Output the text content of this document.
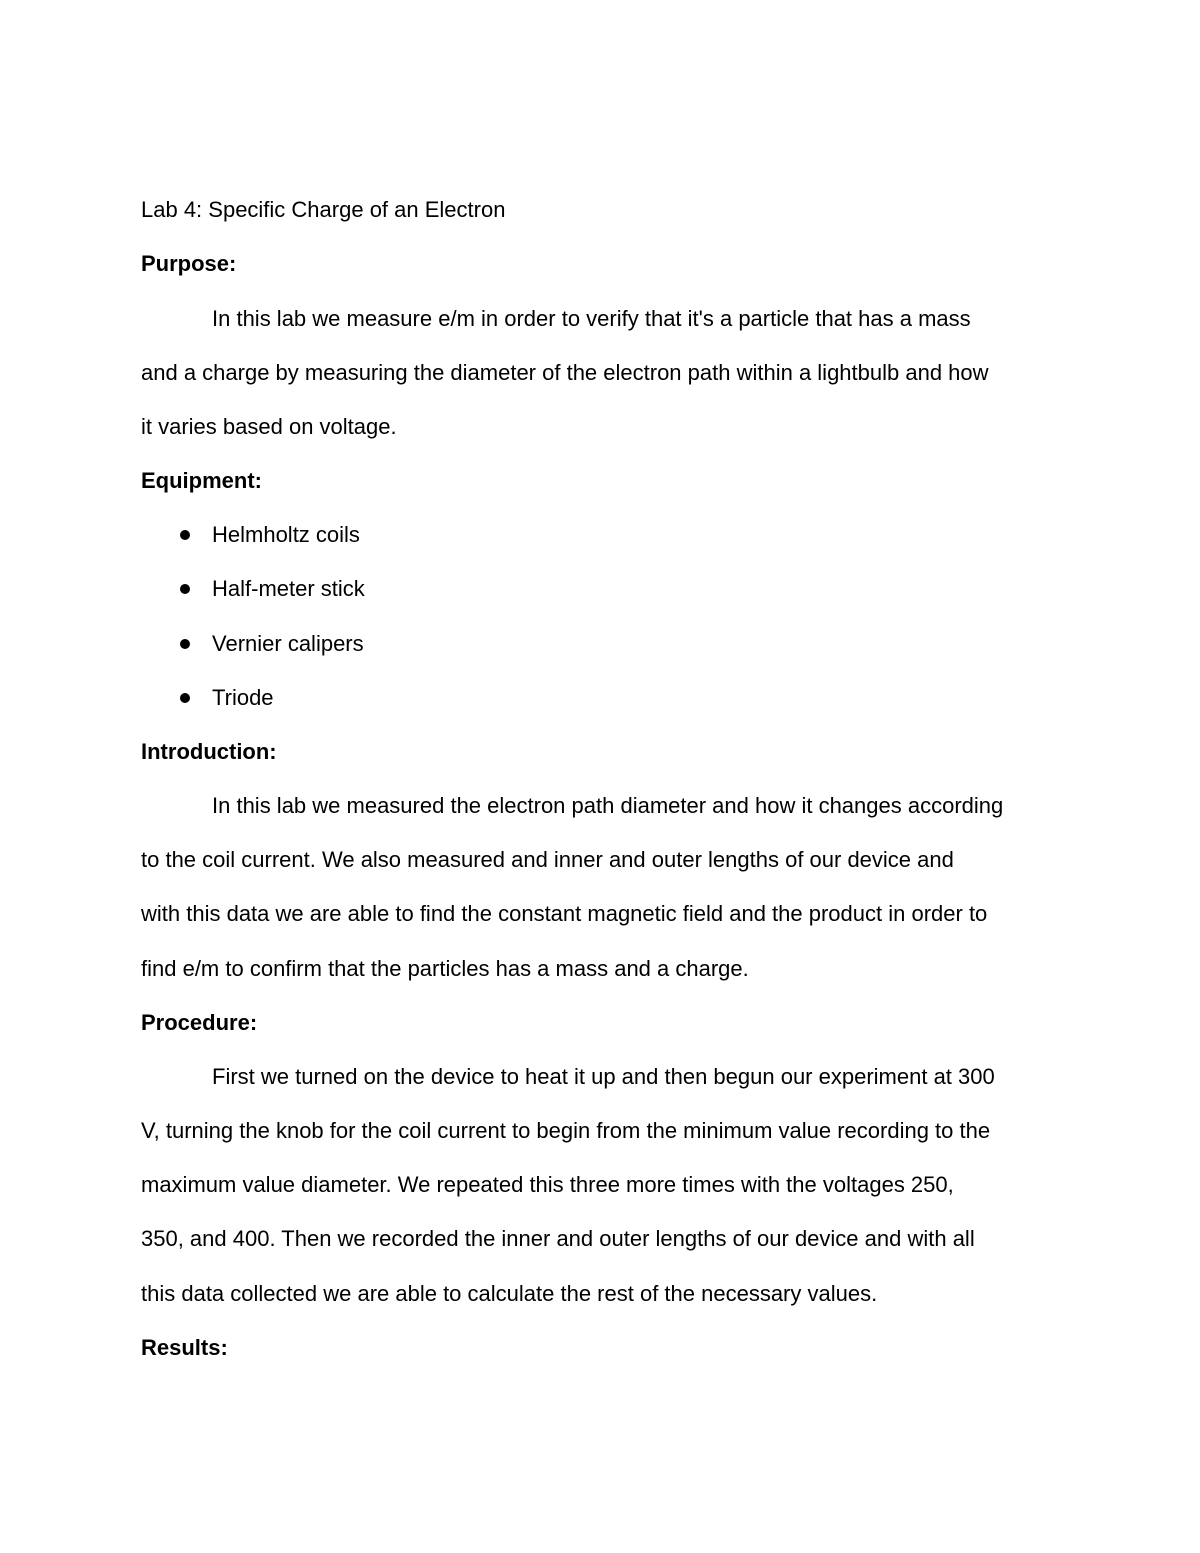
Lab 4: Specific Charge of an Electron
Purpose:
In this lab we measure e/m in order to verify that it's a particle that has a mass
and a charge by measuring the diameter of the electron path within a lightbulb and how
it varies based on voltage.
Equipment:
Helmholtz coils
Half-meter stick
Vernier calipers
Triode
Introduction:
In this lab we measured the electron path diameter and how it changes according
to the coil current. We also measured and inner and outer lengths of our device and
with this data we are able to find the constant magnetic field and the product in order to
find e/m to confirm that the particles has a mass and a charge.
Procedure:
First we turned on the device to heat it up and then begun our experiment at 300
V, turning the knob for the coil current to begin from the minimum value recording to the
maximum value diameter. We repeated this three more times with the voltages 250,
350, and 400. Then we recorded the inner and outer lengths of our device and with all
this data collected we are able to calculate the rest of the necessary values.
Results:
